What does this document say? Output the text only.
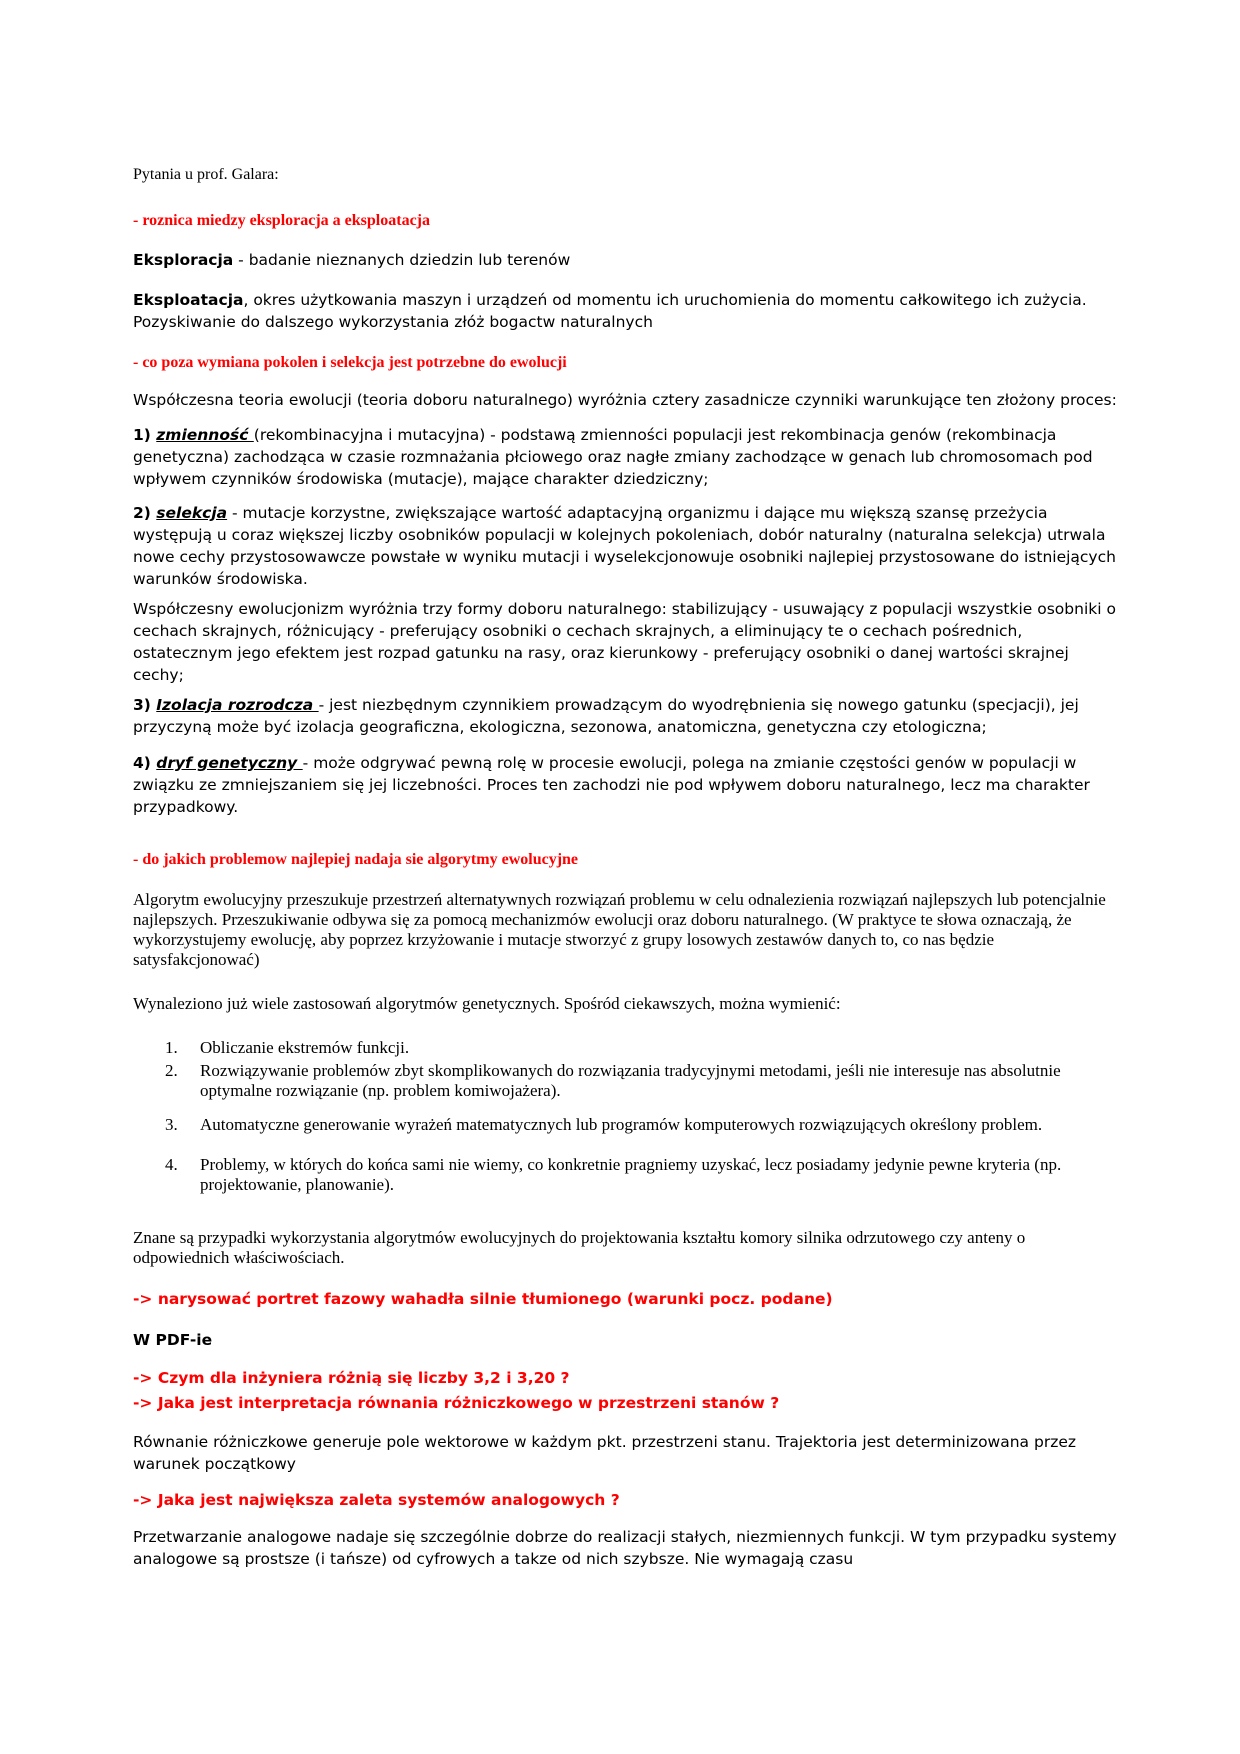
Pytania u prof. Galara:

- roznica miedzy eksploracja a eksploatacja

Eksploracja - badanie nieznanych dziedzin lub terenów

Eksploatacja, okres użytkowania maszyn i urządzeń od momentu ich uruchomienia do momentu całkowitego ich zużycia. Pozyskiwanie do dalszego wykorzystania złóż bogactw naturalnych

- co poza wymiana pokolen i selekcja jest potrzebne do ewolucji

Współczesna teoria ewolucji (teoria doboru naturalnego) wyróżnia cztery zasadnicze czynniki warunkujące ten złożony proces:

1) zmienność (rekombinacyjna i mutacyjna) - podstawą zmienności populacji jest rekombinacja genów (rekombinacja genetyczna) zachodząca w czasie rozmnażania płciowego oraz nagłe zmiany zachodzące w genach lub chromosomach pod wpływem czynników środowiska (mutacje), mające charakter dziedziczny;

2) selekcja - mutacje korzystne, zwiększające wartość adaptacyjną organizmu i dające mu większą szansę przeżycia występują u coraz większej liczby osobników populacji w kolejnych pokoleniach, dobór naturalny (naturalna selekcja) utrwala nowe cechy przystosowawcze powstałe w wyniku mutacji i wyselekcjonowuje osobniki najlepiej przystosowane do istniejących warunków środowiska.

Współczesny ewolucjonizm wyróżnia trzy formy doboru naturalnego: stabilizujący - usuwający z populacji wszystkie osobniki o cechach skrajnych, różnicujący - preferujący osobniki o cechach skrajnych, a eliminujący te o cechach pośrednich, ostatecznym jego efektem jest rozpad gatunku na rasy, oraz kierunkowy - preferujący osobniki o danej wartości skrajnej cechy;

3) Izolacja rozrodcza - jest niezbędnym czynnikiem prowadzącym do wyodrębnienia się nowego gatunku (specjacji), jej przyczyną może być izolacja geograficzna, ekologiczna, sezonowa, anatomiczna, genetyczna czy etologiczna;

4) dryf genetyczny - może odgrywać pewną rolę w procesie ewolucji, polega na zmianie częstości genów w populacji w związku ze zmniejszaniem się jej liczebności. Proces ten zachodzi nie pod wpływem doboru naturalnego, lecz ma charakter przypadkowy.

- do jakich problemow najlepiej nadaja sie algorytmy ewolucyjne

Algorytm ewolucyjny przeszukuje przestrzeń alternatywnych rozwiązań problemu w celu odnalezienia rozwiązań najlepszych lub potencjalnie najlepszych. Przeszukiwanie odbywa się za pomocą mechanizmów ewolucji oraz doboru naturalnego. (W praktyce te słowa oznaczają, że wykorzystujemy ewolucję, aby poprzez krzyżowanie i mutacje stworzyć z grupy losowych zestawów danych to, co nas będzie satysfakcjonować)

Wynaleziono już wiele zastosowań algorytmów genetycznych. Spośród ciekawszych, można wymienić:

1.	Obliczanie ekstremów funkcji.
2.	Rozwiązywanie problemów zbyt skomplikowanych do rozwiązania tradycyjnymi metodami, jeśli nie interesuje nas absolutnie optymalne rozwiązanie (np. problem komiwojażera).
3.	Automatyczne generowanie wyrażeń matematycznych lub programów komputerowych rozwiązujących określony problem.
4.	Problemy, w których do końca sami nie wiemy, co konkretnie pragniemy uzyskać, lecz posiadamy jedynie pewne kryteria (np. projektowanie, planowanie).

Znane są przypadki wykorzystania algorytmów ewolucyjnych do projektowania kształtu komory silnika odrzutowego czy anteny o odpowiednich właściwościach.

-> narysować portret fazowy wahadła silnie tłumionego (warunki pocz. podane)

W PDF-ie

-> Czym dla inżyniera różnią się liczby 3,2 i 3,20 ?

-> Jaka jest interpretacja równania różniczkowego w przestrzeni stanów ?

Równanie różniczkowe generuje pole wektorowe w każdym pkt. przestrzeni stanu. Trajektoria jest determinizowana przez warunek początkowy

-> Jaka jest największa zaleta systemów analogowych ?

Przetwarzanie analogowe nadaje się szczególnie dobrze do realizacji stałych, niezmiennych funkcji. W tym przypadku systemy analogowe są prostsze (i tańsze) od cyfrowych a takze od nich szybsze. Nie wymagają czasu
